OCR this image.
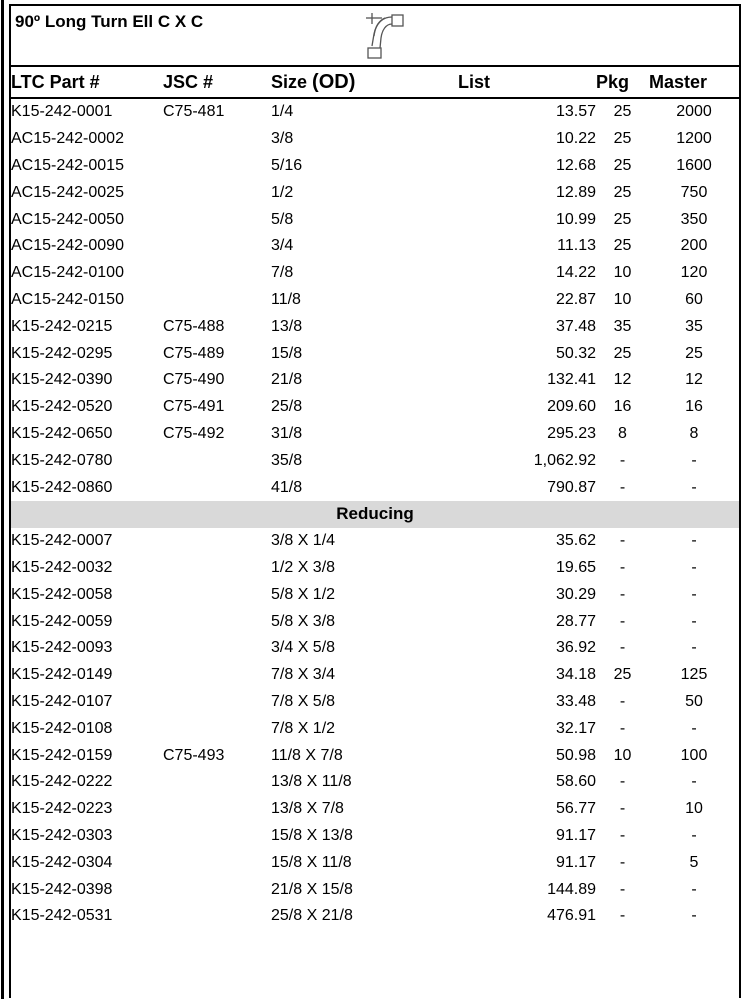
90º Long Turn Ell C X C
LTC Part #	JSC #	Size (OD)	List	Pkg	Master
K15-242-0001	C75-481	1/4	13.57	25	2000
AC15-242-0002		3/8	10.22	25	1200
AC15-242-0015		5/16	12.68	25	1600
AC15-242-0025		1/2	12.89	25	750
AC15-242-0050		5/8	10.99	25	350
AC15-242-0090		3/4	11.13	25	200
AC15-242-0100		7/8	14.22	10	120
AC15-242-0150		11/8	22.87	10	60
K15-242-0215	C75-488	13/8	37.48	35	35
K15-242-0295	C75-489	15/8	50.32	25	25
K15-242-0390	C75-490	21/8	132.41	12	12
K15-242-0520	C75-491	25/8	209.60	16	16
K15-242-0650	C75-492	31/8	295.23	8	8
K15-242-0780		35/8	1,062.92	-	-
K15-242-0860		41/8	790.87	-	-
Reducing					
K15-242-0007		3/8 X 1/4	35.62	-	-
K15-242-0032		1/2 X 3/8	19.65	-	-
K15-242-0058		5/8 X 1/2	30.29	-	-
K15-242-0059		5/8 X 3/8	28.77	-	-
K15-242-0093		3/4 X 5/8	36.92	-	-
K15-242-0149		7/8 X 3/4	34.18	25	125
K15-242-0107		7/8 X 5/8	33.48	-	50
K15-242-0108		7/8 X 1/2	32.17	-	-
K15-242-0159	C75-493	11/8 X 7/8	50.98	10	100
K15-242-0222		13/8 X 11/8	58.60	-	-
K15-242-0223		13/8 X 7/8	56.77	-	10
K15-242-0303		15/8 X 13/8	91.17	-	-
K15-242-0304		15/8 X 11/8	91.17	-	5
K15-242-0398		21/8 X 15/8	144.89	-	-
K15-242-0531		25/8 X 21/8	476.91	-	-
